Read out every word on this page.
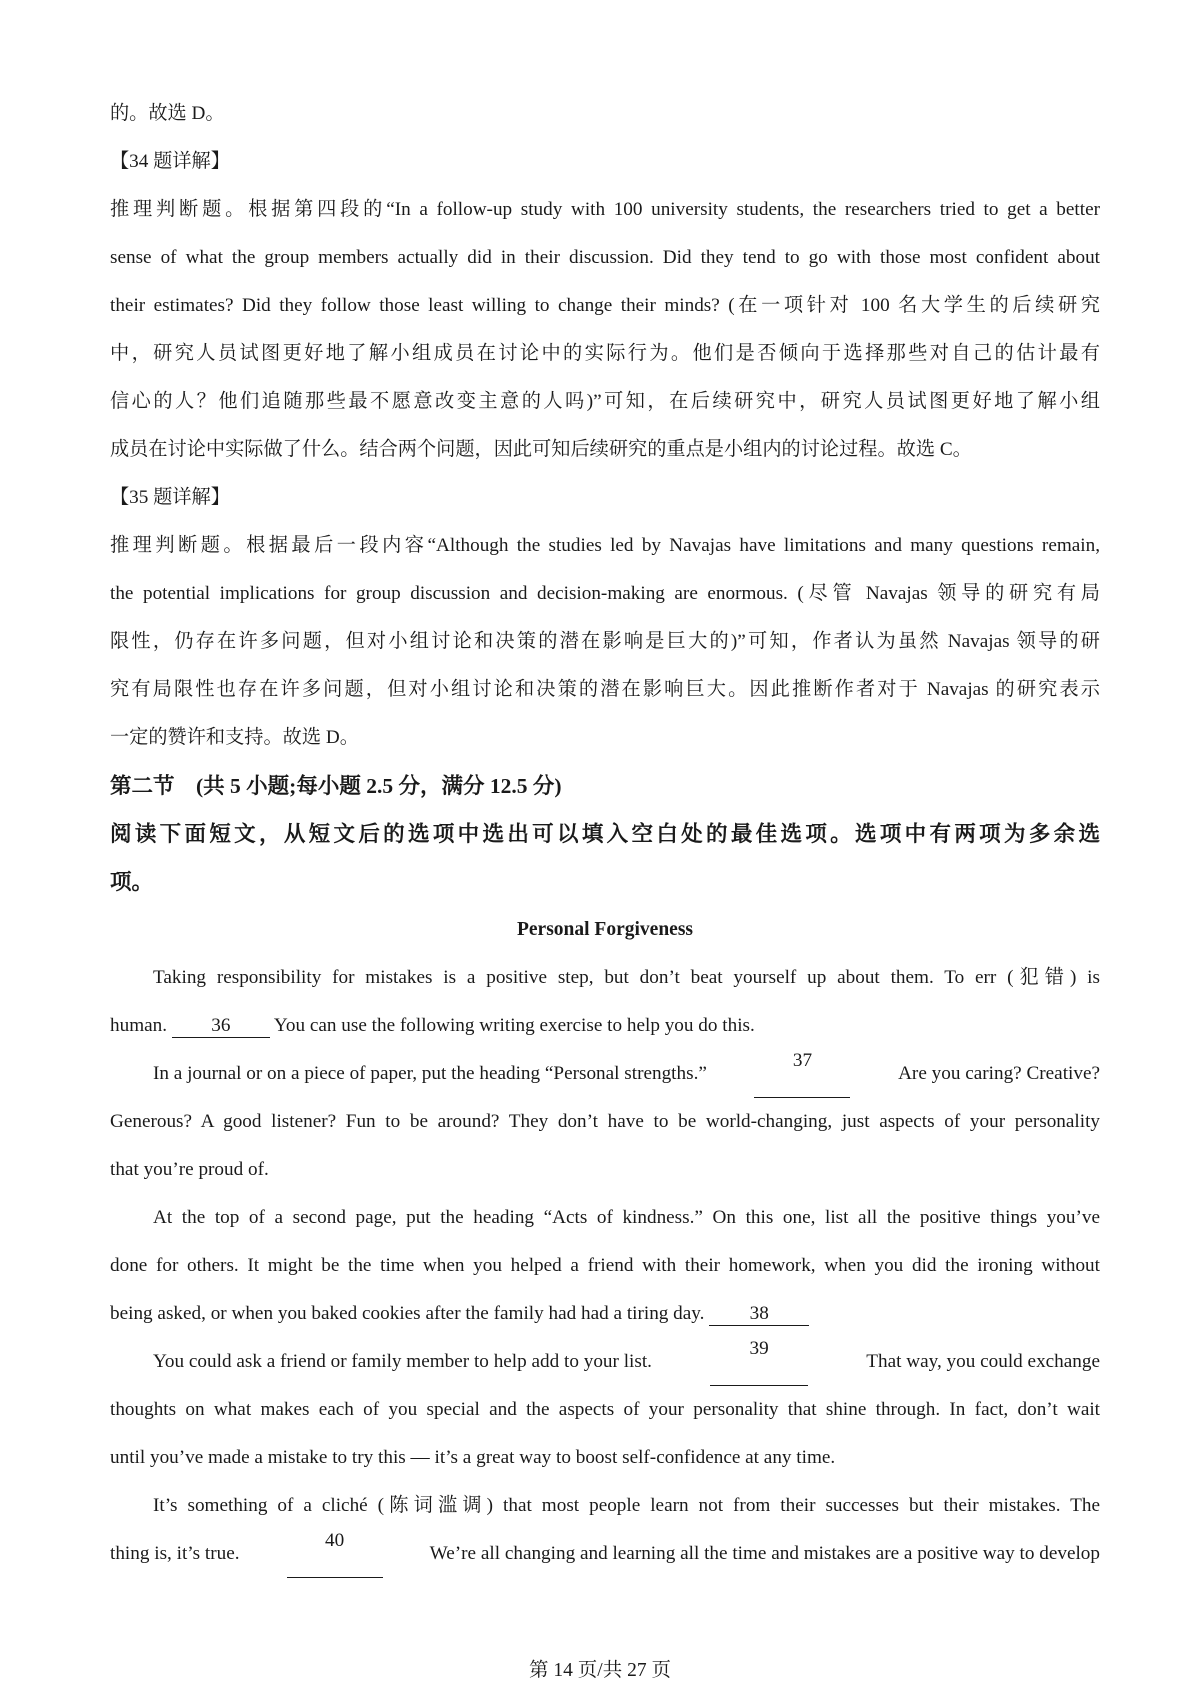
的。故选 D。
【34 题详解】
推理判断题。根据第四段的“In a follow-up study with 100 university students, the researchers tried to get a better
sense of what the group members actually did in their discussion. Did they tend to go with those most confident about
their estimates? Did they follow those least willing to change their minds? (在一项针对 100 名大学生的后续研究
中，研究人员试图更好地了解小组成员在讨论中的实际行为。他们是否倾向于选择那些对自己的估计最有
信心的人？他们追随那些最不愿意改变主意的人吗)”可知，在后续研究中，研究人员试图更好地了解小组
成员在讨论中实际做了什么。结合两个问题，因此可知后续研究的重点是小组内的讨论过程。故选 C。
【35 题详解】
推理判断题。根据最后一段内容“Although the studies led by Navajas have limitations and many questions remain,
the potential implications for group discussion and decision-making are enormous. (尽管 Navajas 领导的研究有局
限性，仍存在许多问题，但对小组讨论和决策的潜在影响是巨大的)”可知，作者认为虽然 Navajas 领导的研
究有局限性也存在许多问题，但对小组讨论和决策的潜在影响巨大。因此推断作者对于 Navajas 的研究表示
一定的赞许和支持。故选 D。
第二节　(共 5 小题;每小题 2.5 分，满分 12.5 分)
阅读下面短文，从短文后的选项中选出可以填入空白处的最佳选项。选项中有两项为多余选
项。
Personal Forgiveness
Taking responsibility for mistakes is a positive step, but don’t beat yourself up about them. To err (犯错) is
human. 36 You can use the following writing exercise to help you do this.
In a journal or on a piece of paper, put the heading “Personal strengths.”
37
Are you caring? Creative?
Generous? A good listener? Fun to be around? They don’t have to be world-changing, just aspects of your personality
that you’re proud of.
At the top of a second page, put the heading “Acts of kindness.” On this one, list all the positive things you’ve
done for others. It might be the time when you helped a friend with their homework, when you did the ironing without
being asked, or when you baked cookies after the family had had a tiring day. 38
You could ask a friend or family member to help add to your list.
39
That way, you could exchange
thoughts on what makes each of you special and the aspects of your personality that shine through. In fact, don’t wait
until you’ve made a mistake to try this — it’s a great way to boost self-confidence at any time.
It’s something of a cliché (陈词滥调) that most people learn not from their successes but their mistakes. The
thing is, it’s true.
40
We’re all changing and learning all the time and mistakes are a positive way to develop
第 14 页/共 27 页
